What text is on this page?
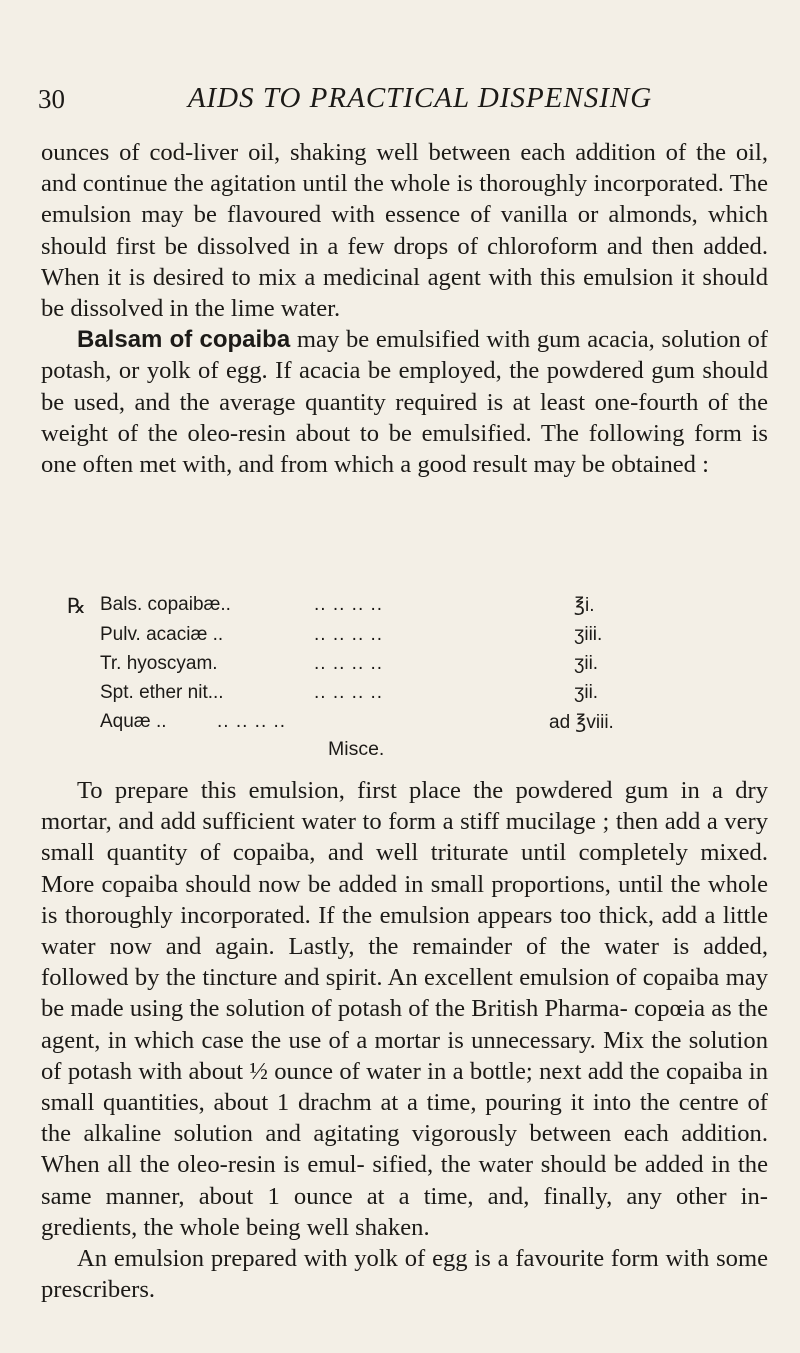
30	AIDS TO PRACTICAL DISPENSING

ounces of cod-liver oil, shaking well between each addition of the oil, and continue the agitation until the whole is thoroughly incorporated. The emulsion may be flavoured with essence of vanilla or almonds, which should first be dissolved in a few drops of chloroform and then added. When it is desired to mix a medicinal agent with this emulsion it should be dissolved in the lime water.

Balsam of copaiba may be emulsified with gum acacia, solution of potash, or yolk of egg. If acacia be employed, the powdered gum should be used, and the average quantity required is at least one-fourth of the weight of the oleo-resin about to be emulsified. The following form is one often met with, and from which a good result may be obtained :

℞ Bals. copaibæ..	.. .. .. ..	℥i.
Pulv. acaciæ ..	.. .. .. ..	ʒiii.
Tr. hyoscyam.	.. .. .. ..	ʒii.
Spt. ether nit...	.. .. .. ..	ʒii.
Aquæ ..	.. .. .. ..	ad ℥viii.
Misce.

To prepare this emulsion, first place the powdered gum in a dry mortar, and add sufficient water to form a stiff mucilage ; then add a very small quantity of copaiba, and well triturate until completely mixed. More copaiba should now be added in small proportions, until the whole is thoroughly incorporated. If the emulsion appears too thick, add a little water now and again. Lastly, the remainder of the water is added, followed by the tincture and spirit. An excellent emulsion of copaiba may be made using the solution of potash of the British Pharma- copœia as the agent, in which case the use of a mortar is unnecessary. Mix the solution of potash with about ½ ounce of water in a bottle; next add the copaiba in small quantities, about 1 drachm at a time, pouring it into the centre of the alkaline solution and agitating vigorously between each addition. When all the oleo-resin is emul- sified, the water should be added in the same manner, about 1 ounce at a time, and, finally, any other in- gredients, the whole being well shaken.

An emulsion prepared with yolk of egg is a favourite form with some prescribers.
